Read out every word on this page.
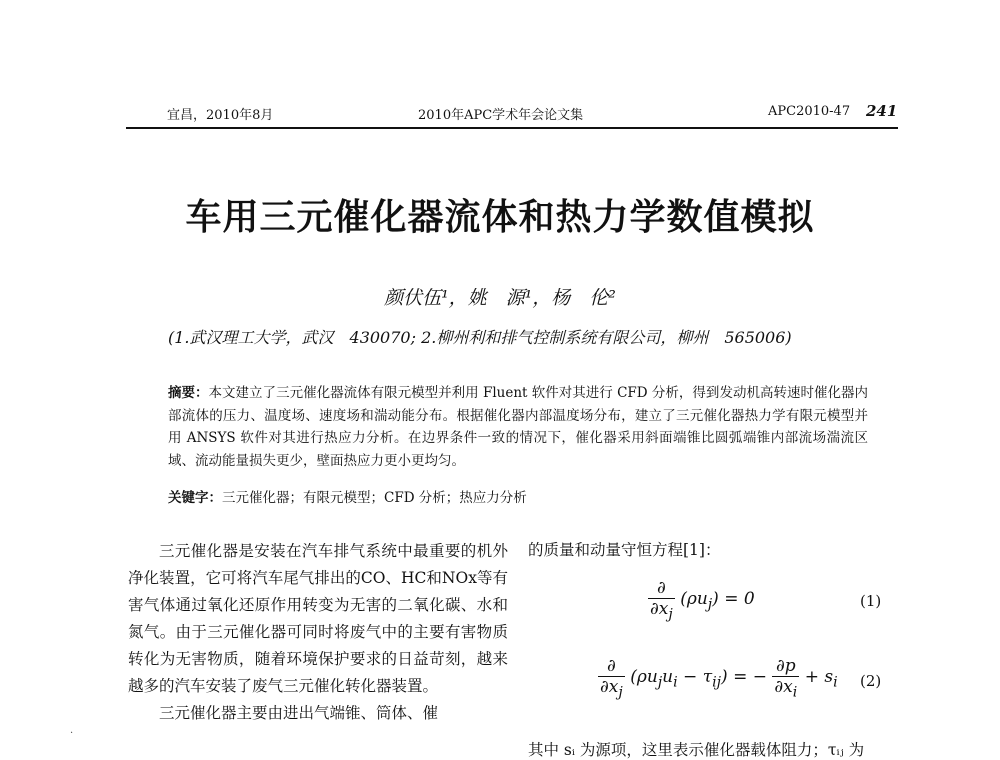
宜昌，2010年8月	2010年APC学术年会论文集	APC2010-47 241
车用三元催化器流体和热力学数值模拟
颜伏伍¹，姚　源¹，杨　伦²
(1.武汉理工大学，武汉　430070; 2.柳州利和排气控制系统有限公司，柳州　565006)
摘要：本文建立了三元催化器流体有限元模型并利用 Fluent 软件对其进行 CFD 分析，得到发动机高转速时催化器内部流体的压力、温度场、速度场和湍动能分布。根据催化器内部温度场分布，建立了三元催化器热力学有限元模型并用 ANSYS 软件对其进行热应力分析。在边界条件一致的情况下，催化器采用斜面端锥比圆弧端锥内部流场湍流区域、流动能量损失更少，壁面热应力更小更均匀。
关键字：三元催化器；有限元模型；CFD 分析；热应力分析

三元催化器是安装在汽车排气系统中最重要的机外净化装置，它可将汽车尾气排出的CO、HC和NOx等有害气体通过氧化还原作用转变为无害的二氧化碳、水和氮气。由于三元催化器可同时将废气中的主要有害物质转化为无害物质，随着环境保护要求的日益苛刻，越来越多的汽车安装了废气三元催化转化器装置。

三元催化器主要由进出气端锥、筒体、催

的质量和动量守恒方程[1]：
$\frac{\partial}{\partial x_j} (\rho u_j) = 0$	(1)
$\frac{\partial}{\partial x_j} (\rho u_ju_i - \tau_{ij})$ = − $\frac{\partial p}{\partial x_i} + s_i$ (2)
其中 sᵢ 为源项，这里表示催化器载体阻力；τᵢⱼ 为
·
